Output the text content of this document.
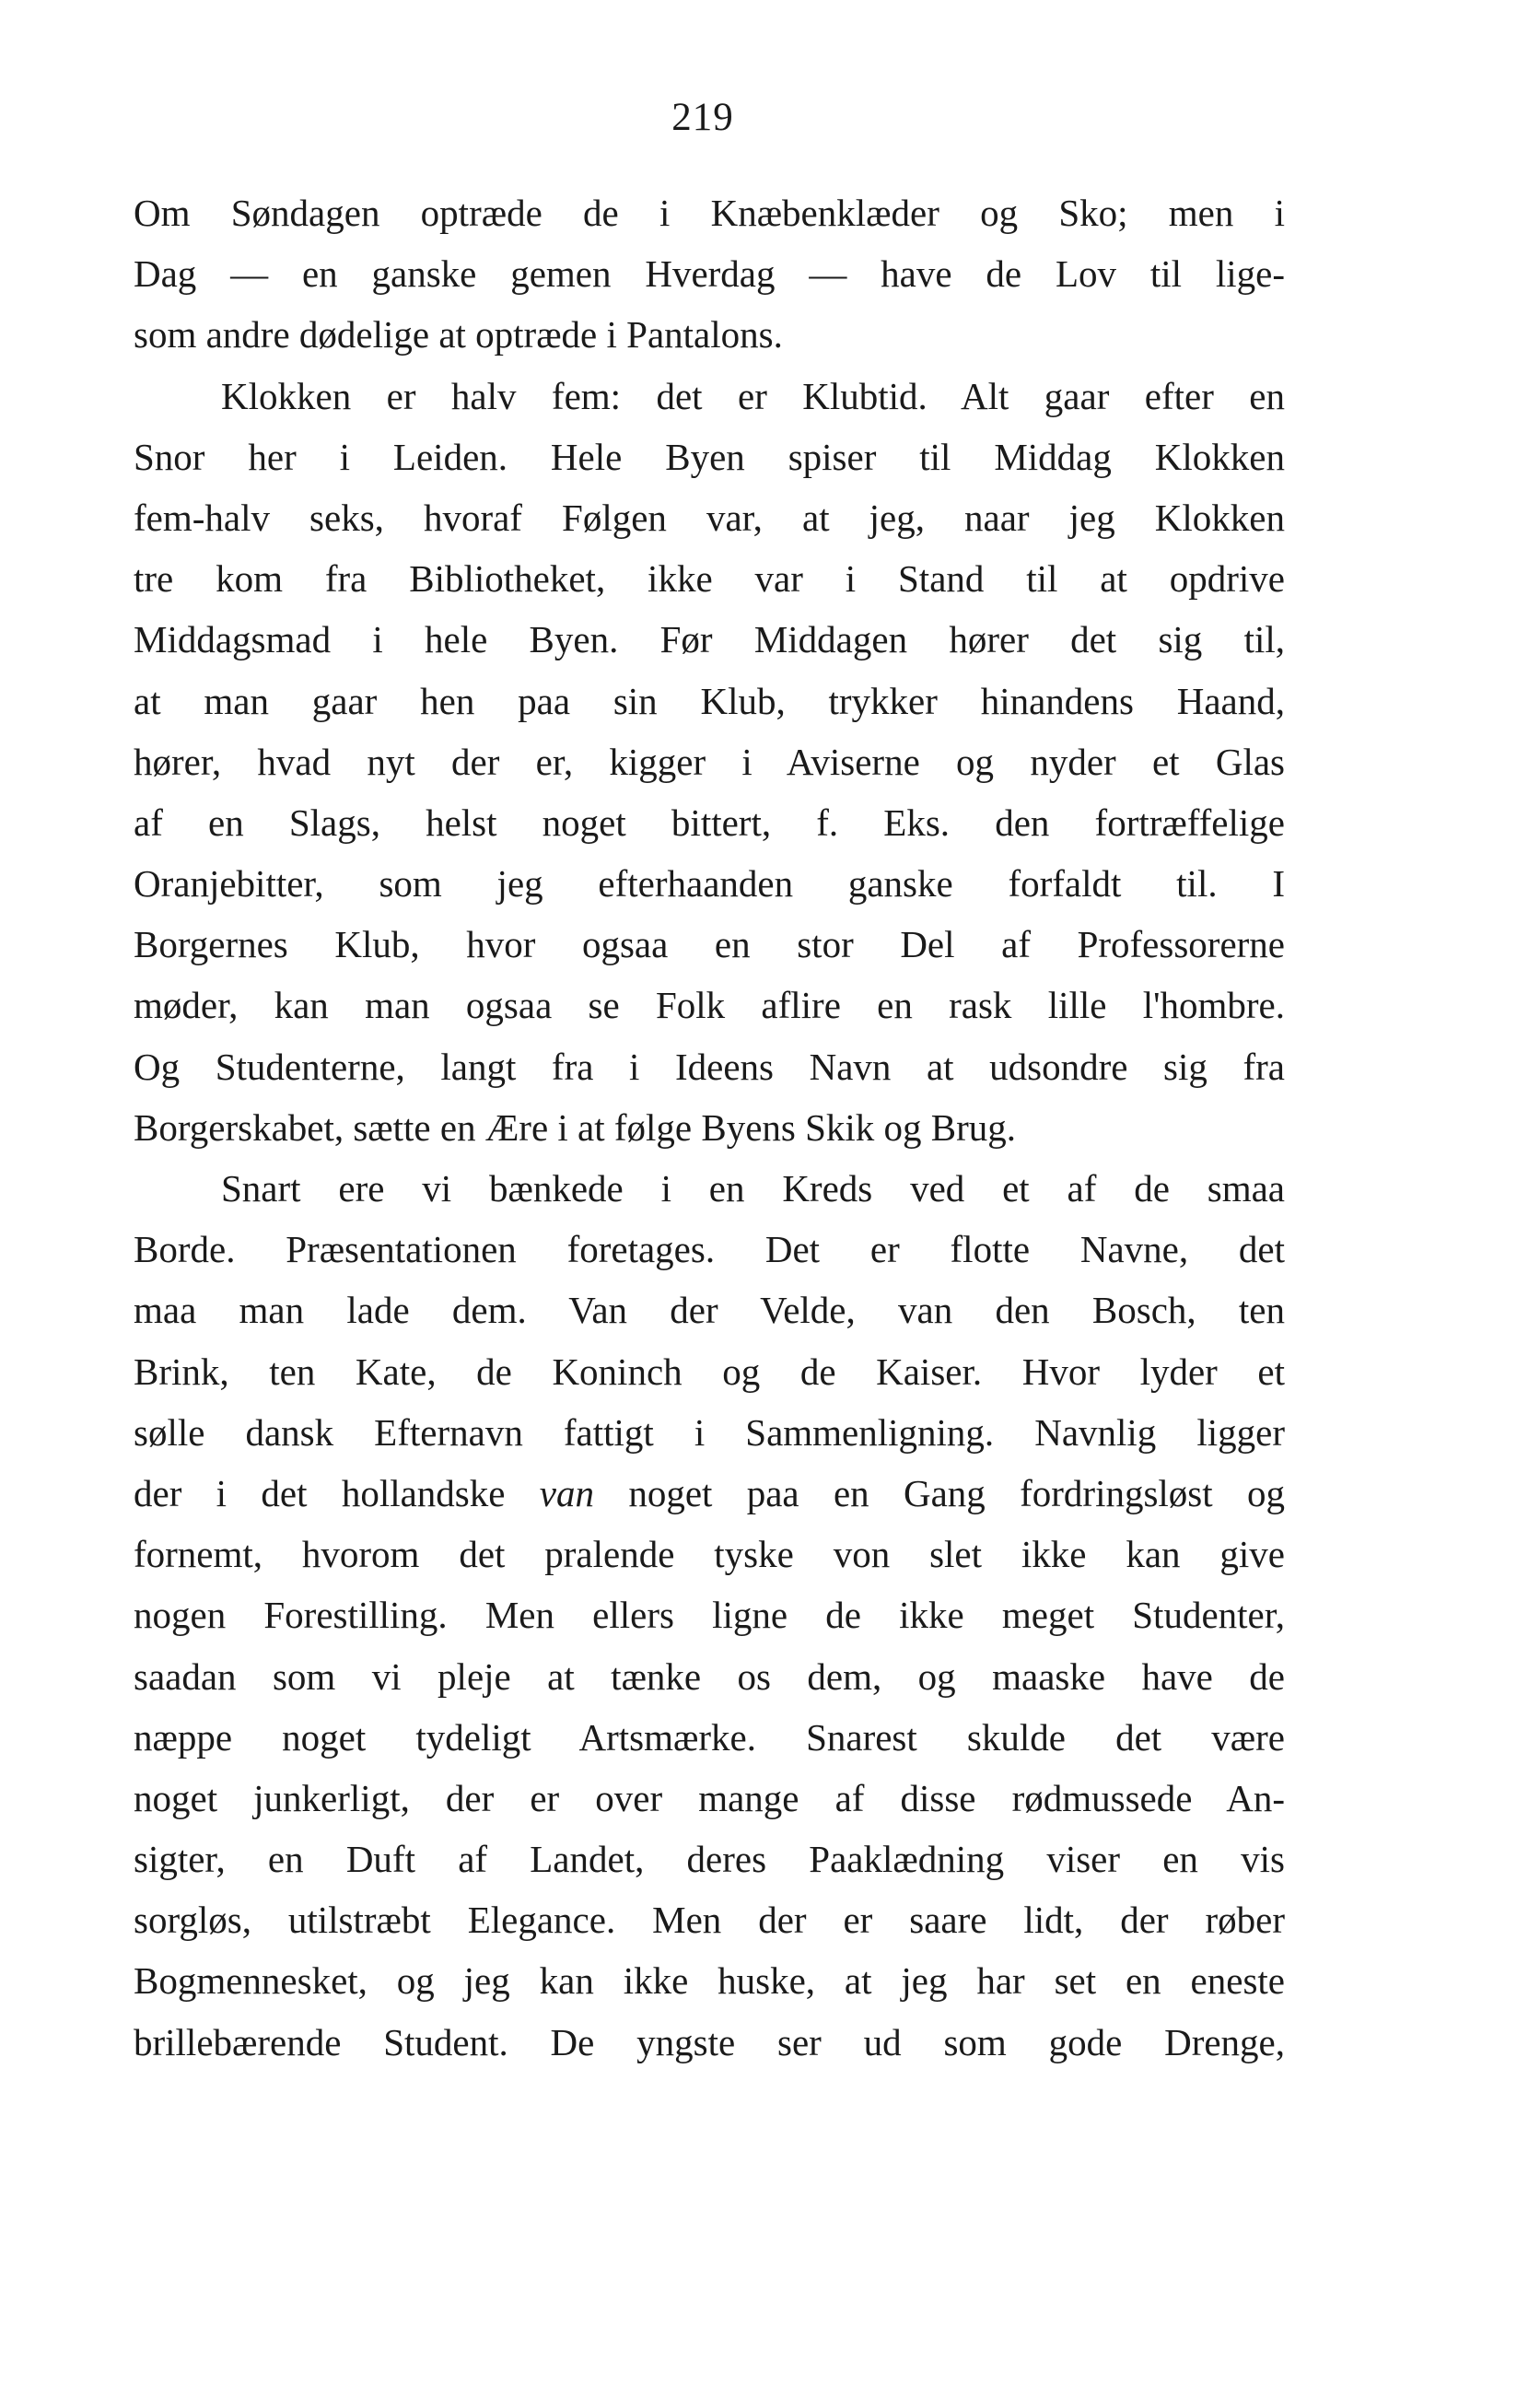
219
Om Søndagen optræde de i Knæbenklæder og Sko; men i
Dag — en ganske gemen Hverdag — have de Lov til lige-
som andre dødelige at optræde i Pantalons.
Klokken er halv fem: det er Klubtid. Alt gaar efter en
Snor her i Leiden. Hele Byen spiser til Middag Klokken
fem-halv seks, hvoraf Følgen var, at jeg, naar jeg Klokken
tre kom fra Bibliotheket, ikke var i Stand til at opdrive
Middagsmad i hele Byen. Før Middagen hører det sig til,
at man gaar hen paa sin Klub, trykker hinandens Haand,
hører, hvad nyt der er, kigger i Aviserne og nyder et Glas
af en Slags, helst noget bittert, f. Eks. den fortræffelige
Oranjebitter, som jeg efterhaanden ganske forfaldt til. I
Borgernes Klub, hvor ogsaa en stor Del af Professorerne
møder, kan man ogsaa se Folk aflire en rask lille l'hombre.
Og Studenterne, langt fra i Ideens Navn at udsondre sig fra
Borgerskabet, sætte en Ære i at følge Byens Skik og Brug.
Snart ere vi bænkede i en Kreds ved et af de smaa
Borde. Præsentationen foretages. Det er flotte Navne, det
maa man lade dem. Van der Velde, van den Bosch, ten
Brink, ten Kate, de Koninch og de Kaiser. Hvor lyder et
sølle dansk Efternavn fattigt i Sammenligning. Navnlig ligger
der i det hollandske van noget paa en Gang fordringsløst og
fornemt, hvorom det pralende tyske von slet ikke kan give
nogen Forestilling. Men ellers ligne de ikke meget Studenter,
saadan som vi pleje at tænke os dem, og maaske have de
næppe noget tydeligt Artsmærke. Snarest skulde det være
noget junkerligt, der er over mange af disse rødmussede An-
sigter, en Duft af Landet, deres Paaklædning viser en vis
sorgløs, utilstræbt Elegance. Men der er saare lidt, der røber
Bogmennesket, og jeg kan ikke huske, at jeg har set en eneste
brillebærende Student. De yngste ser ud som gode Drenge,
